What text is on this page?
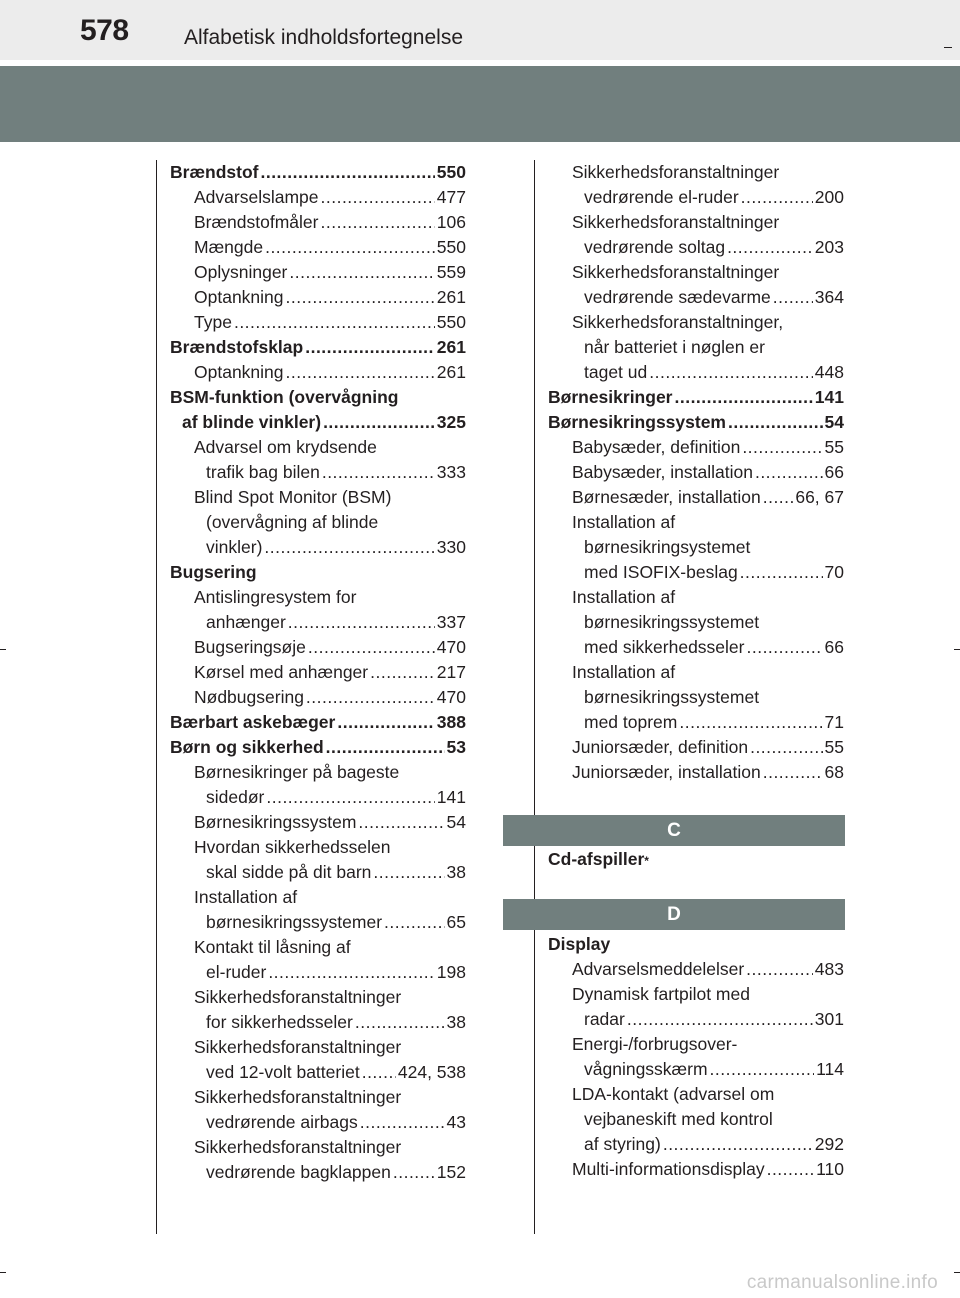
578	Alfabetisk indholdsfortegnelse
Brændstof .....	550
Advarselslampe .....	477
Brændstofmåler .....	106
Mængde .....	550
Oplysninger .....	559
Optankning .....	261
Type .....	550
Brændstofsklap .....	261
Optankning .....	261
BSM-funktion (overvågning
af blinde vinkler) .....	325
Advarsel om krydsende
trafik bag bilen .....	333
Blind Spot Monitor (BSM)
(overvågning af blinde
vinkler) .....	330
Bugsering
Antislingresystem for
anhænger .....	337
Bugseringsøje .....	470
Kørsel med anhænger .....	217
Nødbugsering .....	470
Bærbart askebæger .....	388
Børn og sikkerhed .....	53
Børnesikringer på bageste
sidedør .....	141
Børnesikringssystem .....	54
Hvordan sikkerhedsselen
skal sidde på dit barn .....	38
Installation af
børnesikringssystemer .....	65
Kontakt til låsning af
el-ruder .....	198
Sikkerhedsforanstaltninger
for sikkerhedsseler .....	38
Sikkerhedsforanstaltninger
ved 12-volt batteriet ..... 424, 538
Sikkerhedsforanstaltninger
vedrørende airbags .....	43
Sikkerhedsforanstaltninger
vedrørende bagklappen .....	152
Sikkerhedsforanstaltninger
vedrørende el-ruder .....	200
Sikkerhedsforanstaltninger
vedrørende soltag .....	203
Sikkerhedsforanstaltninger
vedrørende sædevarme .....	364
Sikkerhedsforanstaltninger,
når batteriet i nøglen er
taget ud .....	448
Børnesikringer .....	141
Børnesikringssystem .....	54
Babysæder, definition .....	55
Babysæder, installation .....	66
Børnesæder, installation ..... 66, 67
Installation af
børnesikringsystemet
med ISOFIX-beslag .....	70
Installation af
børnesikringssystemet
med sikkerhedsseler .....	66
Installation af
børnesikringssystemet
med toprem .....	71
Juniorsæder, definition .....	55
Juniorsæder, installation .....	68
C
Cd-afspiller *
D
Display
Advarselsmeddelelser .....	483
Dynamisk fartpilot med
radar .....	301
Energi-/forbrugsover-
vågningsskærm .....	114
LDA-kontakt (advarsel om
vejbaneskift med kontrol
af styring) .....	292
Multi-informationsdisplay .....	110
carmanualsonline.info
